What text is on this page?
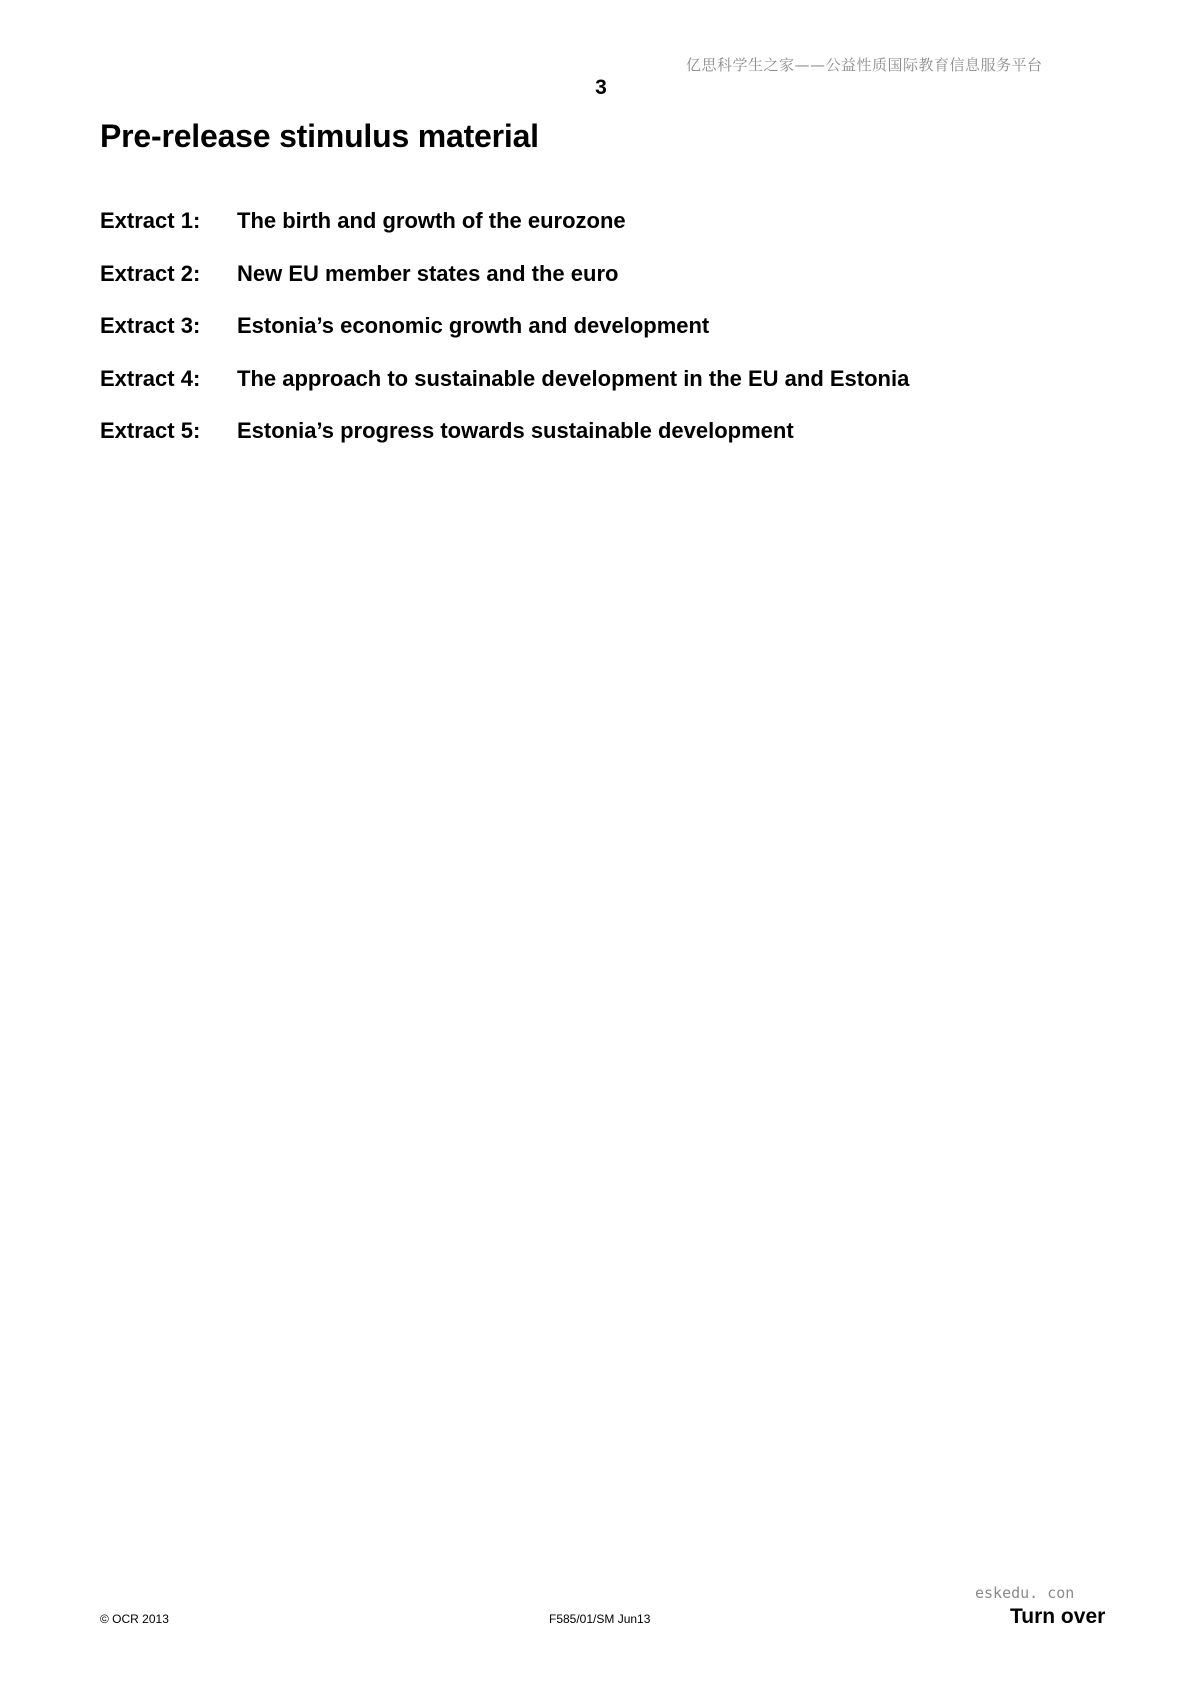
亿思科学生之家——公益性质国际教育信息服务平台
3
Pre-release stimulus material
Extract 1:	The birth and growth of the eurozone
Extract 2:	New EU member states and the euro
Extract 3:	Estonia’s economic growth and development
Extract 4:	The approach to sustainable development in the EU and Estonia
Extract 5:	Estonia’s progress towards sustainable development
© OCR 2013	F585/01/SM Jun13
eskedu. con
Turn over
